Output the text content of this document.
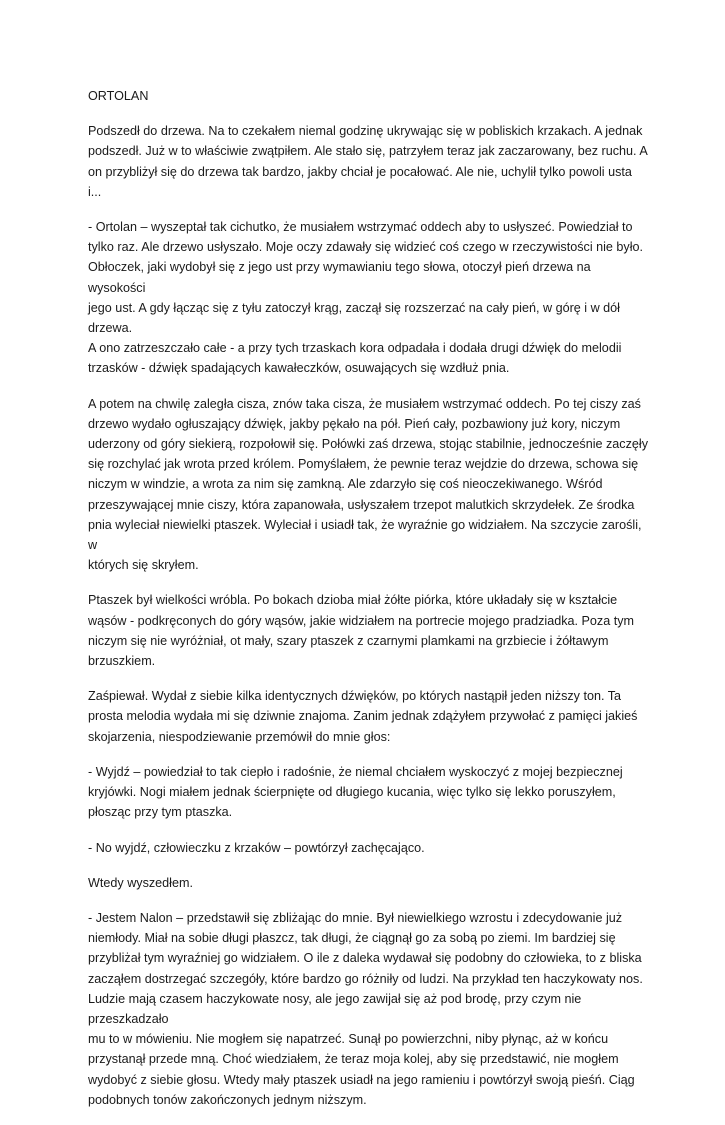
ORTOLAN

Podszedł do drzewa. Na to czekałem niemal godzinę ukrywając się w pobliskich krzakach. A jednak
podszedł. Już w to właściwie zwątpiłem. Ale stało się, patrzyłem teraz jak zaczarowany, bez ruchu. A
on przybliżył się do drzewa tak bardzo, jakby chciał je pocałować. Ale nie, uchylił tylko powoli usta i...

- Ortolan – wyszeptał tak cichutko, że musiałem wstrzymać oddech aby to usłyszeć. Powiedział to
tylko raz. Ale drzewo usłyszało. Moje oczy zdawały się widzieć coś czego w rzeczywistości nie było.
Obłoczek, jaki wydobył się z jego ust przy wymawianiu tego słowa, otoczył pień drzewa na wysokości
jego ust. A gdy łącząc się z tyłu zatoczył krąg, zaczął się rozszerzać na cały pień, w górę i w dół drzewa.
A ono zatrzeszczało całe - a przy tych trzaskach kora odpadała i dodała drugi dźwięk do melodii
trzasków - dźwięk spadających kawałeczków, osuwających się wzdłuż pnia.

A potem na chwilę zaległa cisza, znów taka cisza, że musiałem wstrzymać oddech. Po tej ciszy zaś
drzewo wydało ogłuszający dźwięk, jakby pękało na pół. Pień cały, pozbawiony już kory, niczym
uderzony od góry siekierą, rozpołowił się. Połówki zaś drzewa, stojąc stabilnie, jednocześnie zaczęły
się rozchylać jak wrota przed królem. Pomyślałem, że pewnie teraz wejdzie do drzewa, schowa się
niczym w windzie, a wrota za nim się zamkną. Ale zdarzyło się coś nieoczekiwanego. Wśród
przeszywającej mnie ciszy, która zapanowała, usłyszałem trzepot malutkich skrzydełek. Ze środka
pnia wyleciał niewielki ptaszek. Wyleciał i usiadł tak, że wyraźnie go widziałem. Na szczycie zarośli, w
których się skryłem.

Ptaszek był wielkości wróbla. Po bokach dzioba miał żółte piórka, które układały się w kształcie
wąsów - podkręconych do góry wąsów, jakie widziałem na portrecie mojego pradziadka. Poza tym
niczym się nie wyróżniał, ot mały, szary ptaszek z czarnymi plamkami na grzbiecie i żółtawym
brzuszkiem.

Zaśpiewał. Wydał z siebie kilka identycznych dźwięków, po których nastąpił jeden niższy ton. Ta
prosta melodia wydała mi się dziwnie znajoma. Zanim jednak zdążyłem przywołać z pamięci jakieś
skojarzenia, niespodziewanie przemówił do mnie głos:

- Wyjdź – powiedział to tak ciepło i radośnie, że niemal chciałem wyskoczyć z mojej bezpiecznej
kryjówki. Nogi miałem jednak ścierpnięte od długiego kucania, więc tylko się lekko poruszyłem,
płosząc przy tym ptaszka.

- No wyjdź, człowieczku z krzaków – powtórzył zachęcająco.

Wtedy wyszedłem.

- Jestem Nalon – przedstawił się zbliżając do mnie. Był niewielkiego wzrostu i zdecydowanie już
niemłody. Miał na sobie długi płaszcz, tak długi, że ciągnął go za sobą po ziemi. Im bardziej się
przybliżał tym wyraźniej go widziałem. O ile z daleka wydawał się podobny do człowieka, to z bliska
zacząłem dostrzegać szczegóły, które bardzo go różniły od ludzi. Na przykład ten haczykowaty nos.
Ludzie mają czasem haczykowate nosy, ale jego zawijał się aż pod brodę, przy czym nie przeszkadzało
mu to w mówieniu. Nie mogłem się napatrzeć. Sunął po powierzchni, niby płynąc, aż w końcu
przystanął przede mną. Choć wiedziałem, że teraz moja kolej, aby się przedstawić, nie mogłem
wydobyć z siebie głosu. Wtedy mały ptaszek usiadł na jego ramieniu i powtórzył swoją pieśń. Ciąg
podobnych tonów zakończonych jednym niższym.
